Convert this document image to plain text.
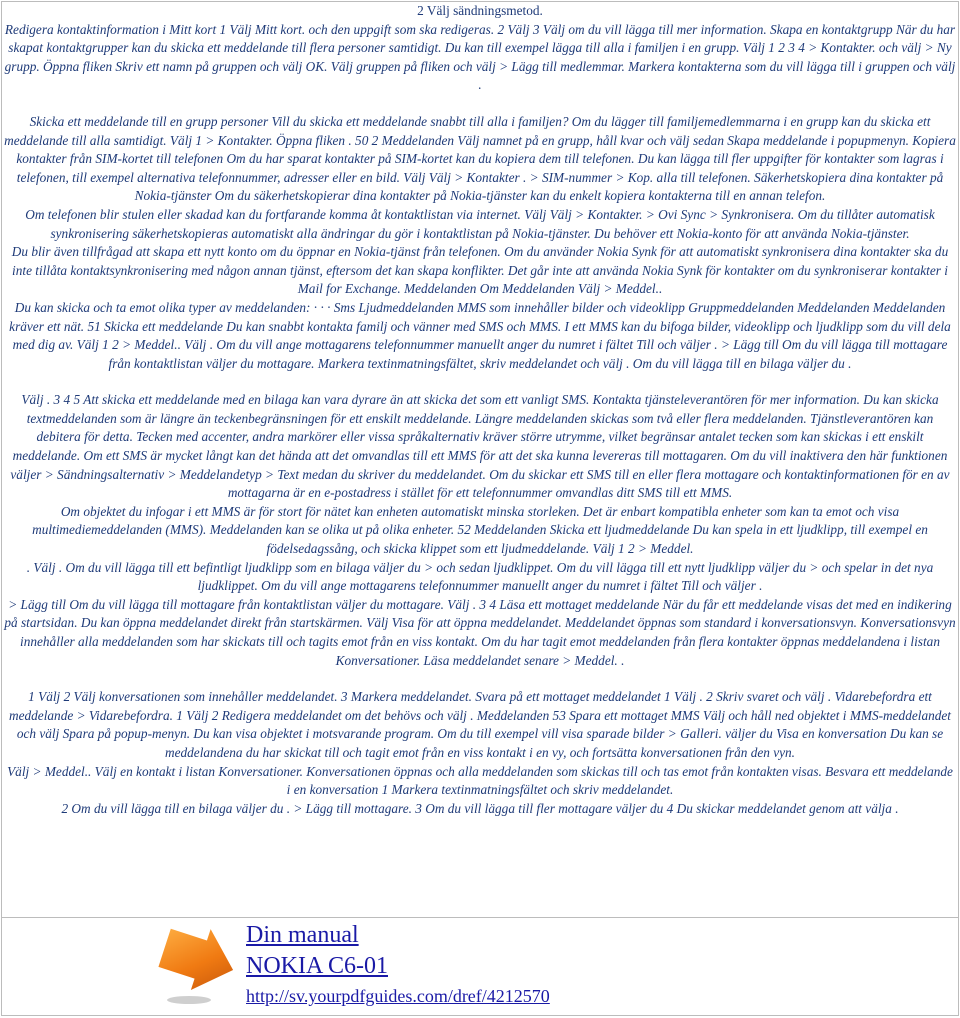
2 Välj sändningsmetod.

Redigera kontaktinformation i Mitt kort 1 Välj Mitt kort. och den uppgift som ska redigeras. 2 Välj 3 Välj om du vill lägga till mer information. Skapa en kontaktgrupp När du har skapat kontaktgrupper kan du skicka ett meddelande till flera personer samtidigt. Du kan till exempel lägga till alla i familjen i en grupp. Välj 1 2 3 4 > Kontakter. och välj > Ny grupp. Öppna fliken Skriv ett namn på gruppen och välj OK. Välj gruppen på fliken och välj > Lägg till medlemmar. Markera kontakterna som du vill lägga till i gruppen och välj .

Skicka ett meddelande till en grupp personer Vill du skicka ett meddelande snabbt till alla i familjen? Om du lägger till familjemedlemmarna i en grupp kan du skicka ett meddelande till alla samtidigt. Välj 1 > Kontakter. Öppna fliken . 50 2 Meddelanden Välj namnet på en grupp, håll kvar och välj sedan Skapa meddelande i popupmenyn. Kopiera kontakter från SIM-kortet till telefonen Om du har sparat kontakter på SIM-kortet kan du kopiera dem till telefonen. Du kan lägga till fler uppgifter för kontakter som lagras i telefonen, till exempel alternativa telefonnummer, adresser eller en bild. Välj Välj > Kontakter . > SIM-nummer > Kop. alla till telefonen. Säkerhetskopiera dina kontakter på Nokia-tjänster Om du säkerhetskopierar dina kontakter på Nokia-tjänster kan du enkelt kopiera kontakterna till en annan telefon.

Om telefonen blir stulen eller skadad kan du fortfarande komma åt kontaktlistan via internet. Välj Välj > Kontakter. > Ovi Sync > Synkronisera. Om du tillåter automatisk synkronisering säkerhetskopieras automatiskt alla ändringar du gör i kontaktlistan på Nokia-tjänster. Du behöver ett Nokia-konto för att använda Nokia-tjänster.

Du blir även tillfrågad att skapa ett nytt konto om du öppnar en Nokia-tjänst från telefonen. Om du använder Nokia Synk för att automatiskt synkronisera dina kontakter ska du inte tillåta kontaktsynkronisering med någon annan tjänst, eftersom det kan skapa konflikter. Det går inte att använda Nokia Synk för kontakter om du synkroniserar kontakter i Mail for Exchange. Meddelanden Om Meddelanden Välj > Meddel..

Du kan skicka och ta emot olika typer av meddelanden: · · · Sms Ljudmeddelanden MMS som innehåller bilder och videoklipp Gruppmeddelanden Meddelanden Meddelanden kräver ett nät. 51 Skicka ett meddelande Du kan snabbt kontakta familj och vänner med SMS och MMS. I ett MMS kan du bifoga bilder, videoklipp och ljudklipp som du vill dela med dig av. Välj 1 2 > Meddel.. Välj . Om du vill ange mottagarens telefonnummer manuellt anger du numret i fältet Till och väljer . > Lägg till Om du vill lägga till mottagare från kontaktlistan väljer du mottagare. Markera textinmatningsfältet, skriv meddelandet och välj . Om du vill lägga till en bilaga väljer du .

Välj . 3 4 5 Att skicka ett meddelande med en bilaga kan vara dyrare än att skicka det som ett vanligt SMS. Kontakta tjänsteleverantören för mer information. Du kan skicka textmeddelanden som är längre än teckenbegränsningen för ett enskilt meddelande. Längre meddelanden skickas som två eller flera meddelanden. Tjänstleverantören kan debitera för detta. Tecken med accenter, andra markörer eller vissa språkalternativ kräver större utrymme, vilket begränsar antalet tecken som kan skickas i ett enskilt meddelande. Om ett SMS är mycket långt kan det hända att det omvandlas till ett MMS för att det ska kunna levereras till mottagaren. Om du vill inaktivera den här funktionen väljer > Sändningsalternativ > Meddelandetyp > Text medan du skriver du meddelandet. Om du skickar ett SMS till en eller flera mottagare och kontaktinformationen för en av mottagarna är en e-postadress i stället för ett telefonnummer omvandlas ditt SMS till ett MMS.

Om objektet du infogar i ett MMS är för stort för nätet kan enheten automatiskt minska storleken. Det är enbart kompatibla enheter som kan ta emot och visa multimediemeddelanden (MMS). Meddelanden kan se olika ut på olika enheter. 52 Meddelanden Skicka ett ljudmeddelande Du kan spela in ett ljudklipp, till exempel en födelsedagssång, och skicka klippet som ett ljudmeddelande. Välj 1 2 > Meddel.

. Välj . Om du vill lägga till ett befintligt ljudklipp som en bilaga väljer du > och sedan ljudklippet. Om du vill lägga till ett nytt ljudklipp väljer du > och spelar in det nya ljudklippet. Om du vill ange mottagarens telefonnummer manuellt anger du numret i fältet Till och väljer .

> Lägg till Om du vill lägga till mottagare från kontaktlistan väljer du mottagare. Välj . 3 4 Läsa ett mottaget meddelande När du får ett meddelande visas det med en indikering på startsidan. Du kan öppna meddelandet direkt från startskärmen. Välj Visa för att öppna meddelandet. Meddelandet öppnas som standard i konversationsvyn. Konversationsvyn innehåller alla meddelanden som har skickats till och tagits emot från en viss kontakt. Om du har tagit emot meddelanden från flera kontakter öppnas meddelandena i listan Konversationer. Läsa meddelandet senare > Meddel. .

1 Välj 2 Välj konversationen som innehåller meddelandet. 3 Markera meddelandet. Svara på ett mottaget meddelandet 1 Välj . 2 Skriv svaret och välj . Vidarebefordra ett meddelande > Vidarebefordra. 1 Välj 2 Redigera meddelandet om det behövs och välj . Meddelanden 53 Spara ett mottaget MMS Välj och håll ned objektet i MMS-meddelandet och välj Spara på popup-menyn. Du kan visa objektet i motsvarande program. Om du till exempel vill visa sparade bilder > Galleri. väljer du Visa en konversation Du kan se meddelandena du har skickat till och tagit emot från en viss kontakt i en vy, och fortsätta konversationen från den vyn.

Välj > Meddel.. Välj en kontakt i listan Konversationer. Konversationen öppnas och alla meddelanden som skickas till och tas emot från kontakten visas. Besvara ett meddelande i en konversation 1 Markera textinmatningsfältet och skriv meddelandet.

2 Om du vill lägga till en bilaga väljer du . > Lägg till mottagare. 3 Om du vill lägga till fler mottagare väljer du 4 Du skickar meddelandet genom att välja .

Din manual
NOKIA C6-01
http://sv.yourpdfguides.com/dref/4212570
